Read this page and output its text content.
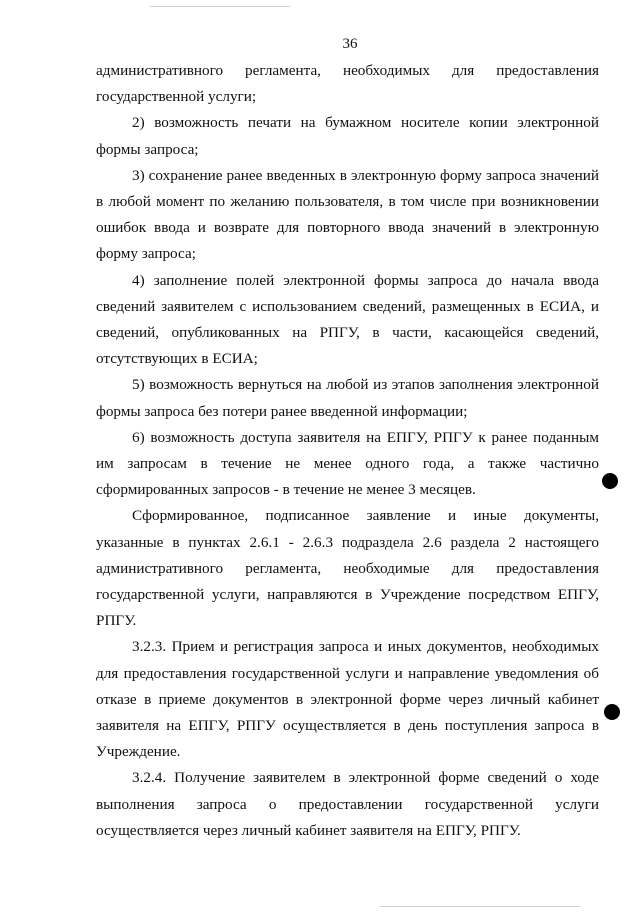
36

административного регламента, необходимых для предоставления государственной услуги;

2) возможность печати на бумажном носителе копии электронной формы запроса;

3) сохранение ранее введенных в электронную форму запроса значений в любой момент по желанию пользователя, в том числе при возникновении ошибок ввода и возврате для повторного ввода значений в электронную форму запроса;

4) заполнение полей электронной формы запроса до начала ввода сведений заявителем с использованием сведений, размещенных в ЕСИА, и сведений, опубликованных на РПГУ, в части, касающейся сведений, отсутствующих в ЕСИА;

5) возможность вернуться на любой из этапов заполнения электронной формы запроса без потери ранее введенной информации;

6) возможность доступа заявителя на ЕПГУ, РПГУ к ранее поданным им запросам в течение не менее одного года, а также частично сформированных запросов - в течение не менее 3 месяцев.

Сформированное, подписанное заявление и иные документы, указанные в пунктах 2.6.1 - 2.6.3 подраздела 2.6 раздела 2 настоящего административного регламента, необходимые для предоставления государственной услуги, направляются в Учреждение посредством ЕПГУ, РПГУ.

3.2.3. Прием и регистрация запроса и иных документов, необходимых для предоставления государственной услуги и направление уведомления об отказе в приеме документов в электронной форме через личный кабинет заявителя на ЕПГУ, РПГУ осуществляется в день поступления запроса в Учреждение.

3.2.4. Получение заявителем в электронной форме сведений о ходе выполнения запроса о предоставлении государственной услуги осуществляется через личный кабинет заявителя на ЕПГУ, РПГУ.
